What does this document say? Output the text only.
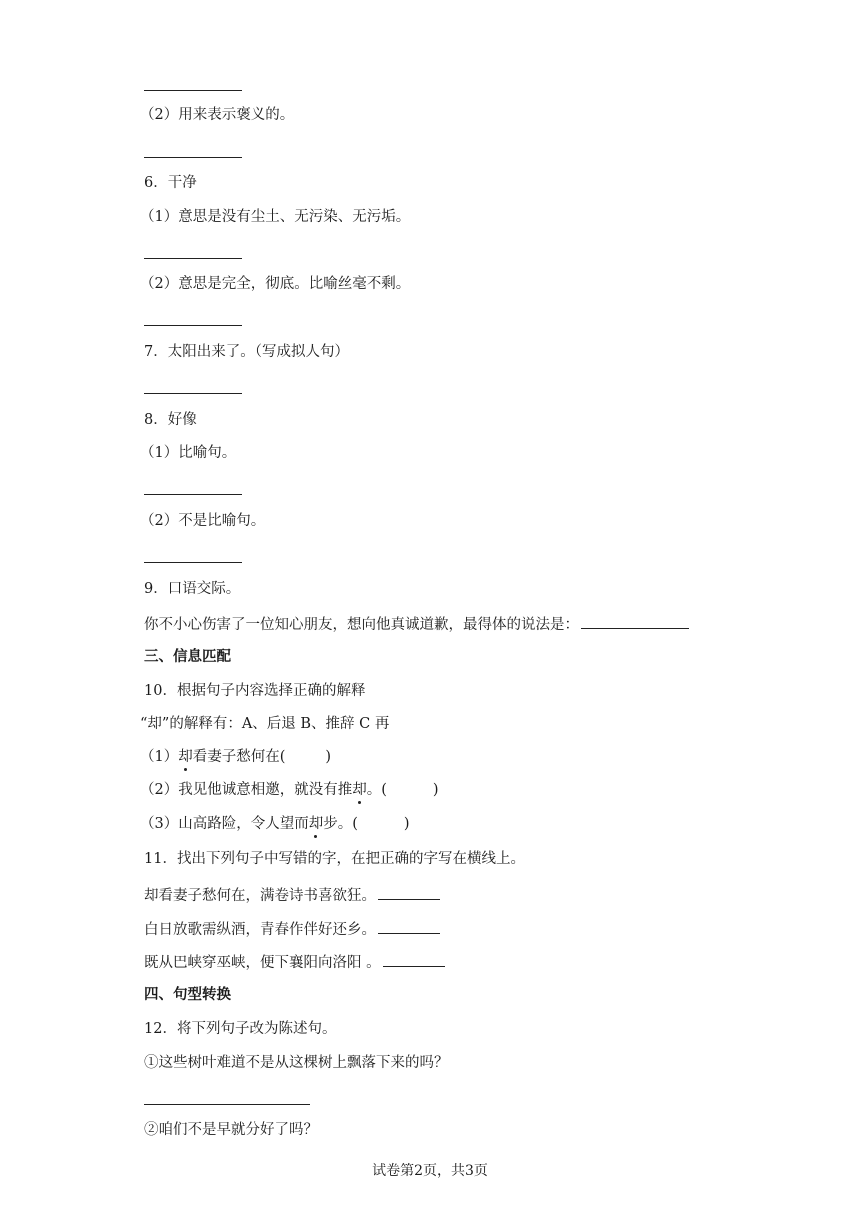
（2）用来表示褒义的。
6．干净
（1）意思是没有尘土、无污染、无污垢。
（2）意思是完全，彻底。比喻丝毫不剩。
7．太阳出来了。（写成拟人句）
8．好像
（1）比喻句。
（2）不是比喻句。
9．口语交际。
你不小心伤害了一位知心朋友，想向他真诚道歉，最得体的说法是：
三、信息匹配
10．根据句子内容选择正确的解释
“却”的解释有：A、后退 B、推辞 C 再
（1）却看妻子愁何在(	)
（2）我见他诚意相邀，就没有推却。(	)
（3）山高路险，令人望而却步。(	)
11．找出下列句子中写错的字，在把正确的字写在横线上。
却看妻子愁何在，满卷诗书喜欲狂。
白日放歌需纵酒，青春作伴好还乡。
既从巴峡穿巫峡，便下襄阳向洛阳 。
四、句型转换
12．将下列句子改为陈述句。
①这些树叶难道不是从这棵树上飘落下来的吗？
②咱们不是早就分好了吗？
试卷第2页，共3页
